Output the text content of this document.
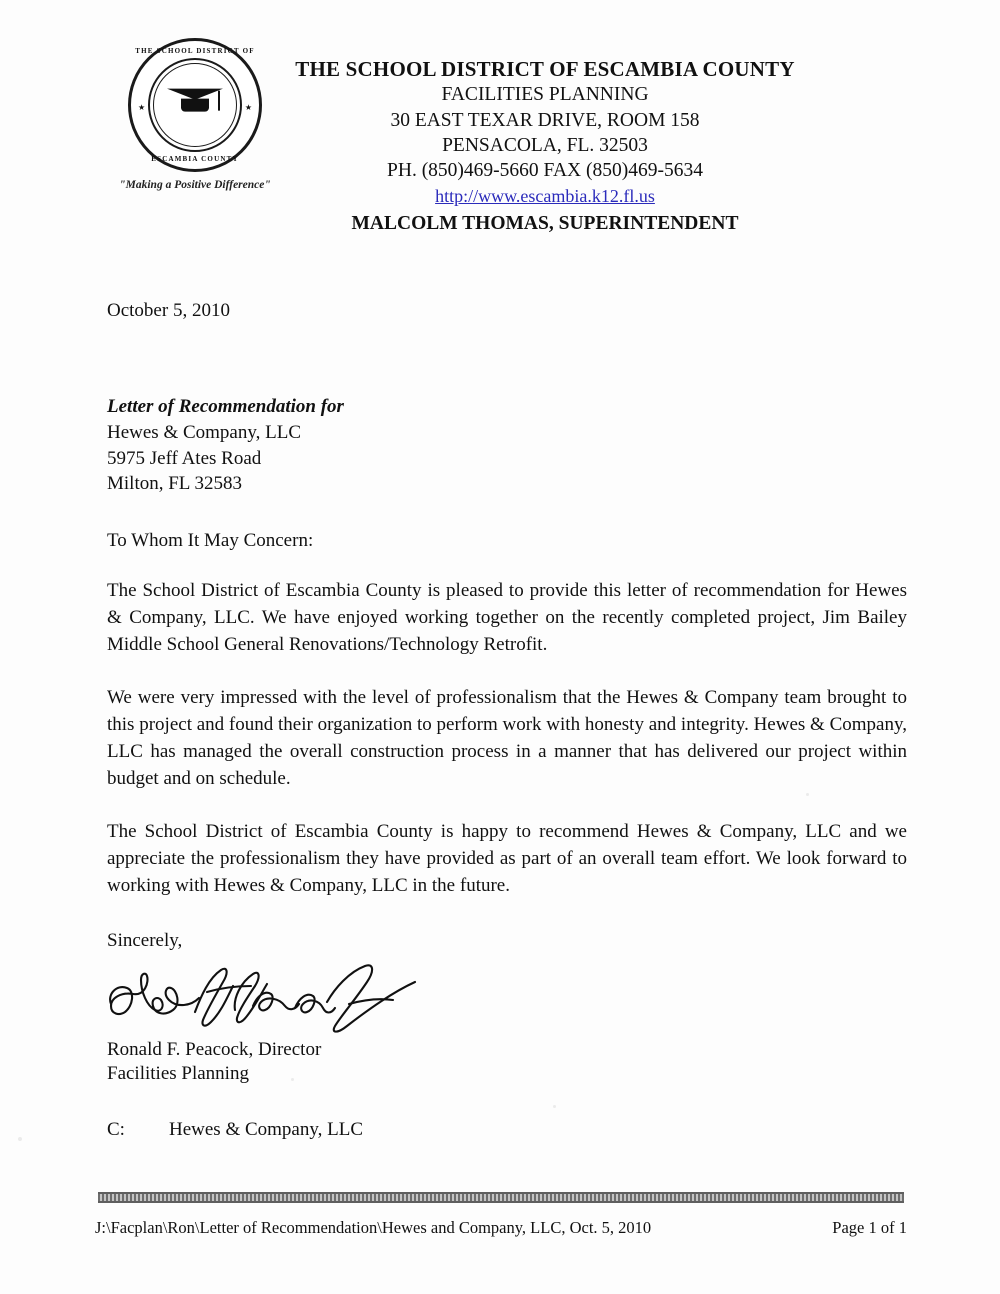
THE SCHOOL DISTRICT OF
ESCAMBIA COUNTY
★	★
"Making a Positive Difference"
THE SCHOOL DISTRICT OF ESCAMBIA COUNTY
FACILITIES PLANNING
30 EAST TEXAR DRIVE, ROOM 158
PENSACOLA, FL. 32503
PH. (850)469-5660 FAX (850)469-5634
http://www.escambia.k12.fl.us
MALCOLM THOMAS, SUPERINTENDENT
October 5, 2010
Letter of Recommendation for
Hewes & Company, LLC
5975 Jeff Ates Road
Milton, FL 32583
To Whom It May Concern:

The School District of Escambia County is pleased to provide this letter of recommendation for Hewes & Company, LLC. We have enjoyed working together on the recently completed project, Jim Bailey Middle School General Renovations/Technology Retrofit.

We were very impressed with the level of professionalism that the Hewes & Company team brought to this project and found their organization to perform work with honesty and integrity. Hewes & Company, LLC has managed the overall construction process in a manner that has delivered our project within budget and on schedule.

The School District of Escambia County is happy to recommend Hewes & Company, LLC and we appreciate the professionalism they have provided as part of an overall team effort. We look forward to working with Hewes & Company, LLC in the future.

Sincerely,
Ronald F. Peacock, Director
Facilities Planning
C:	Hewes & Company, LLC
J:\Facplan\Ron\Letter of Recommendation\Hewes and Company, LLC, Oct. 5, 2010	Page 1 of 1
